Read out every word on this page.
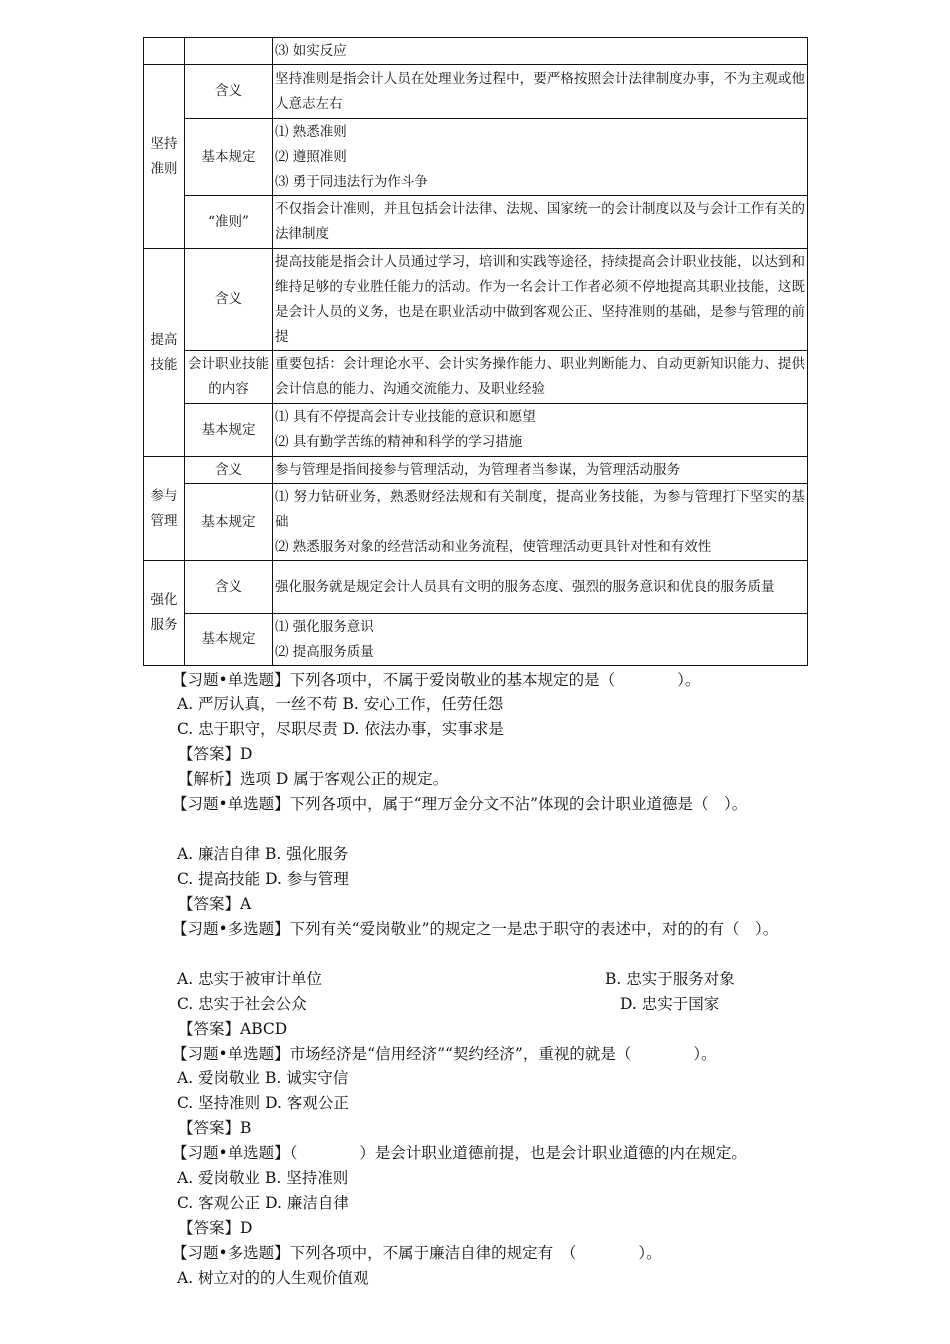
		⑶ 如实反应

坚持
准则	含义	坚持准则是指会计人员在处理业务过程中，要严格按照会计法律制度办事，不为主观或他人意志左右
	基本规定	⑴ 熟悉准则
⑵ 遵照准则
⑶ 勇于同违法行为作斗争

	“准则”	不仅指会计准则，并且包括会计法律、法规、国家统一的会计制度以及与会计工作有关的法律制度

提高
技能	含义	提高技能是指会计人员通过学习，培训和实践等途径，持续提高会计职业技能，以达到和维持足够的专业胜任能力的活动。作为一名会计工作者必须不停地提高其职业技能，这既是会计人员的义务，也是在职业活动中做到客观公正、坚持准则的基础，是参与管理的前提
	会计职业技能的内容	重要包括：会计理论水平、会计实务操作能力、职业判断能力、自动更新知识能力、提供会计信息的能力、沟通交流能力、及职业经验
	基本规定	⑴ 具有不停提高会计专业技能的意识和愿望
⑵ 具有勤学苦练的精神和科学的学习措施

参与
管理	含义	参与管理是指间接参与管理活动，为管理者当参谋，为管理活动服务
	基本规定	⑴ 努力钻研业务，熟悉财经法规和有关制度，提高业务技能，为参与管理打下坚实的基础
⑵ 熟悉服务对象的经营活动和业务流程，使管理活动更具针对性和有效性

强化
服务	含义	强化服务就是规定会计人员具有文明的服务态度、强烈的服务意识和优良的服务质量
	基本规定	⑴ 强化服务意识
⑵ 提高服务质量
【习题•单选题】下列各项中，不属于爱岗敬业的基本规定的是（　　　　）。
A. 严厉认真，一丝不苟 B. 安心工作，任劳任怨
C. 忠于职守，尽职尽责 D. 依法办事，实事求是
【答案】D
【解析】选项 D 属于客观公正的规定。
【习题•单选题】下列各项中，属于“理万金分文不沾”体现的会计职业道德是（　）。
A. 廉洁自律 B. 强化服务
C. 提高技能 D. 参与管理
【答案】A
【习题•多选题】下列有关“爱岗敬业”的规定之一是忠于职守的表述中，对的的有（　）。
A. 忠实于被审计单位	B. 忠实于服务对象
C. 忠实于社会公众	D. 忠实于国家
【答案】ABCD
【习题•单选题】市场经济是“信用经济”“契约经济”，重视的就是（　　　　）。
A. 爱岗敬业 B. 诚实守信
C. 坚持准则 D. 客观公正
【答案】B
【习题•单选题】（　　　　）是会计职业道德前提，也是会计职业道德的内在规定。
A. 爱岗敬业 B. 坚持准则
C. 客观公正 D. 廉洁自律
【答案】D
【习题•多选题】下列各项中，不属于廉洁自律的规定有　（　　　　）。
A. 树立对的的人生观价值观
